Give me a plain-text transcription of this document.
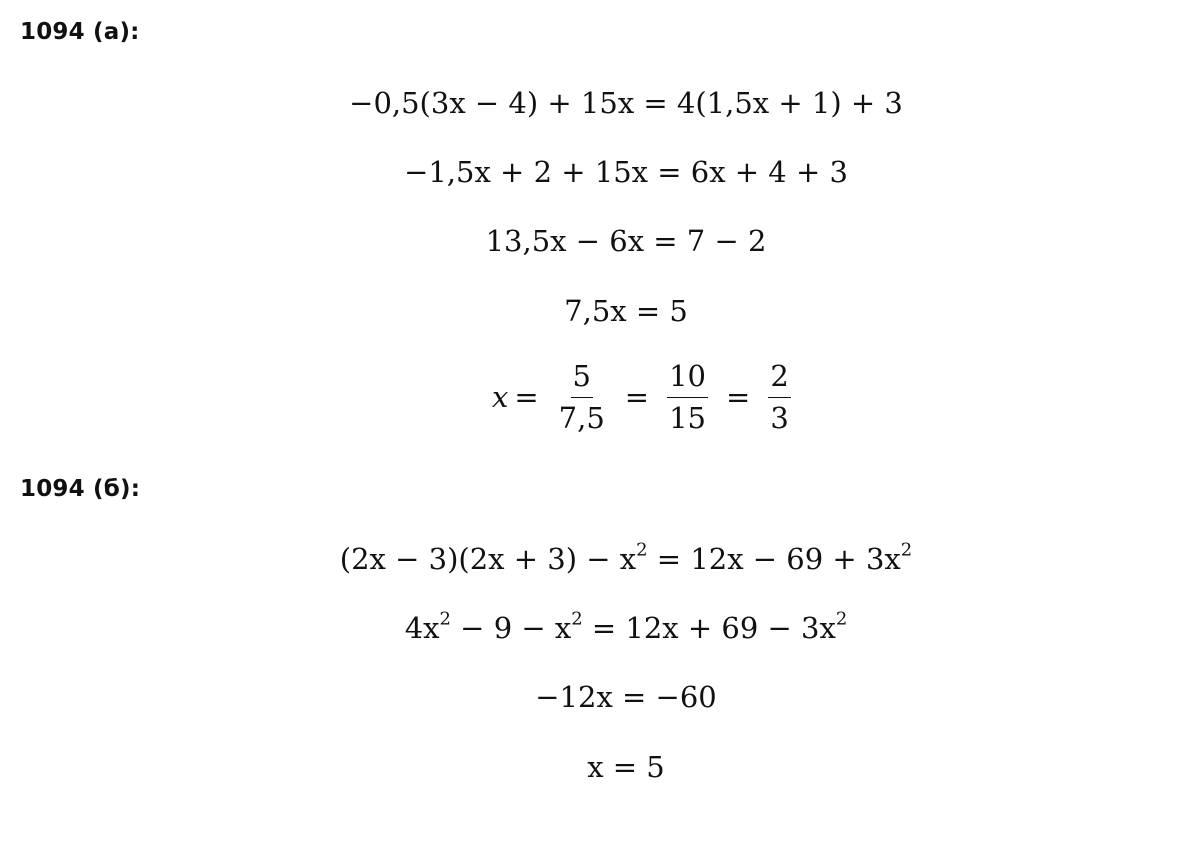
1094 (а):
−0,5(3x − 4) + 15x = 4(1,5x + 1) + 3
−1,5x + 2 + 15x = 6x + 4 + 3
13,5x − 6x = 7 − 2
7,5x = 5
$x = \frac{5}{7,5} = \frac{10}{15} = \frac{2}{3}$
1094 (б):
$(2x - 3)(2x + 3) - x^2 = 12x - 69 + 3x^2$
$4x^2 - 9 - x^2 = 12x + 69 - 3x^2$
−12x = −60
x = 5
